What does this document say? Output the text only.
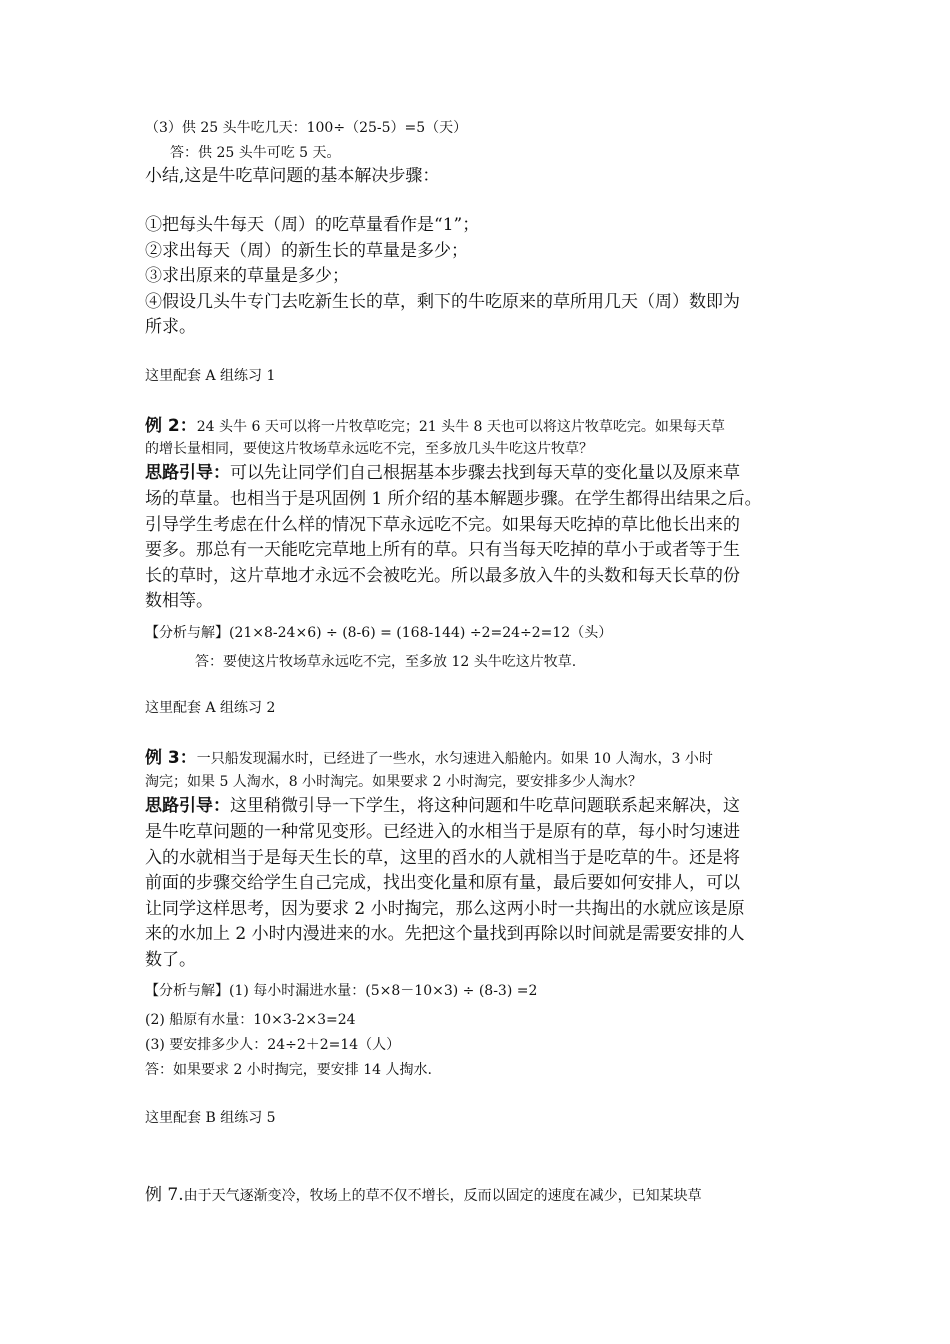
（3）供 25 头牛吃几天：100÷（25-5）=5（天）
答：供 25 头牛可吃 5 天。
小结,这是牛吃草问题的基本解决步骤：
①把每头牛每天（周）的吃草量看作是“1”；
②求出每天（周）的新生长的草量是多少；
③求出原来的草量是多少；
④假设几头牛专门去吃新生长的草，剩下的牛吃原来的草所用几天（周）数即为
所求。
这里配套 A 组练习 1
例 2：24 头牛 6 天可以将一片牧草吃完；21 头牛 8 天也可以将这片牧草吃完。如果每天草
的增长量相同，要使这片牧场草永远吃不完，至多放几头牛吃这片牧草？
思路引导：可以先让同学们自己根据基本步骤去找到每天草的变化量以及原来草
场的草量。也相当于是巩固例 1 所介绍的基本解题步骤。在学生都得出结果之后。
引导学生考虑在什么样的情况下草永远吃不完。如果每天吃掉的草比他长出来的
要多。那总有一天能吃完草地上所有的草。只有当每天吃掉的草小于或者等于生
长的草时，这片草地才永远不会被吃光。所以最多放入牛的头数和每天长草的份
数相等。
【分析与解】(21×8-24×6) ÷ (8-6) = (168-144) ÷2=24÷2=12（头）
答：要使这片牧场草永远吃不完，至多放 12 头牛吃这片牧草.
这里配套 A 组练习 2
例 3：一只船发现漏水时，已经进了一些水，水匀速进入船舱内。如果 10 人淘水，3 小时
淘完；如果 5 人淘水，8 小时淘完。如果要求 2 小时淘完，要安排多少人淘水？
思路引导：这里稍微引导一下学生，将这种问题和牛吃草问题联系起来解决，这
是牛吃草问题的一种常见变形。已经进入的水相当于是原有的草，每小时匀速进
入的水就相当于是每天生长的草，这里的舀水的人就相当于是吃草的牛。还是将
前面的步骤交给学生自己完成，找出变化量和原有量，最后要如何安排人，可以
让同学这样思考，因为要求 2 小时掏完，那么这两小时一共掏出的水就应该是原
来的水加上 2 小时内漫进来的水。先把这个量找到再除以时间就是需要安排的人
数了。
【分析与解】(1) 每小时漏进水量：(5×8－10×3) ÷ (8-3) =2
(2) 船原有水量：10×3-2×3=24
(3) 要安排多少人：24÷2＋2=14（人）
答：如果要求 2 小时掏完，要安排 14 人掏水.
这里配套 B 组练习 5
例 7.由于天气逐渐变冷，牧场上的草不仅不增长，反而以固定的速度在减少，已知某块草
